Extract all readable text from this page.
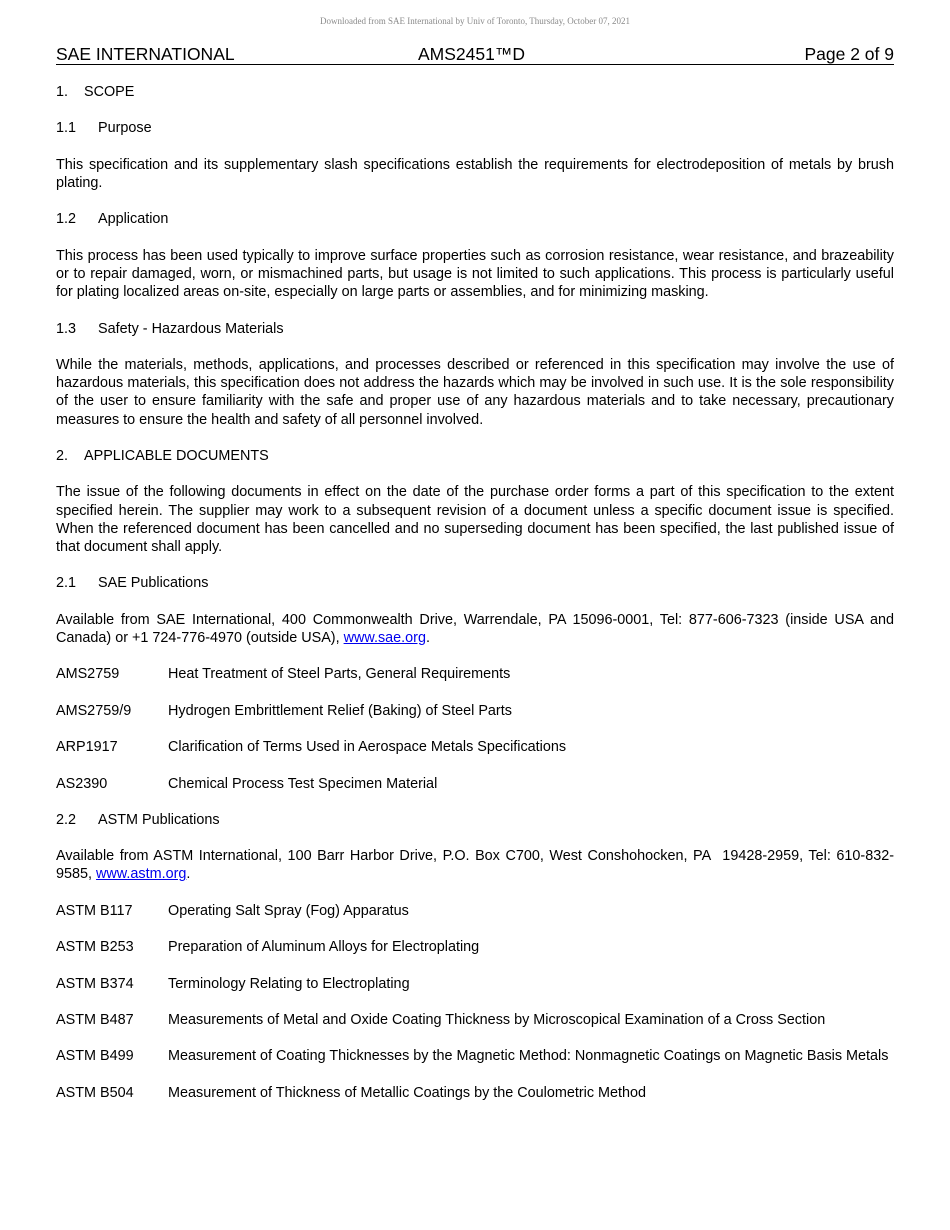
Downloaded from SAE International by Univ of Toronto, Thursday, October 07, 2021
SAE INTERNATIONAL	AMS2451™D	Page 2 of 9
1. SCOPE
1.1 Purpose

This specification and its supplementary slash specifications establish the requirements for electrodeposition of metals by brush plating.

1.2 Application

This process has been used typically to improve surface properties such as corrosion resistance, wear resistance, and brazeability or to repair damaged, worn, or mismachined parts, but usage is not limited to such applications. This process is particularly useful for plating localized areas on-site, especially on large parts or assemblies, and for minimizing masking.

1.3 Safety - Hazardous Materials

While the materials, methods, applications, and processes described or referenced in this specification may involve the use of hazardous materials, this specification does not address the hazards which may be involved in such use. It is the sole responsibility of the user to ensure familiarity with the safe and proper use of any hazardous materials and to take necessary, precautionary measures to ensure the health and safety of all personnel involved.

2. APPLICABLE DOCUMENTS

The issue of the following documents in effect on the date of the purchase order forms a part of this specification to the extent specified herein. The supplier may work to a subsequent revision of a document unless a specific document issue is specified. When the referenced document has been cancelled and no superseding document has been specified, the last published issue of that document shall apply.

2.1 SAE Publications

Available from SAE International, 400 Commonwealth Drive, Warrendale, PA 15096-0001, Tel: 877-606-7323 (inside USA and Canada) or +1 724-776-4970 (outside USA), www.sae.org.

AMS2759	Heat Treatment of Steel Parts, General Requirements
AMS2759/9	Hydrogen Embrittlement Relief (Baking) of Steel Parts
ARP1917	Clarification of Terms Used in Aerospace Metals Specifications
AS2390	Chemical Process Test Specimen Material
2.2 ASTM Publications

Available from ASTM International, 100 Barr Harbor Drive, P.O. Box C700, West Conshohocken, PA  19428-2959, Tel: 610-832-9585, www.astm.org.

ASTM B117	Operating Salt Spray (Fog) Apparatus
ASTM B253	Preparation of Aluminum Alloys for Electroplating
ASTM B374	Terminology Relating to Electroplating
ASTM B487	Measurements of Metal and Oxide Coating Thickness by Microscopical Examination of a Cross Section
ASTM B499	Measurement of Coating Thicknesses by the Magnetic Method: Nonmagnetic Coatings on Magnetic Basis Metals
ASTM B504	Measurement of Thickness of Metallic Coatings by the Coulometric Method
